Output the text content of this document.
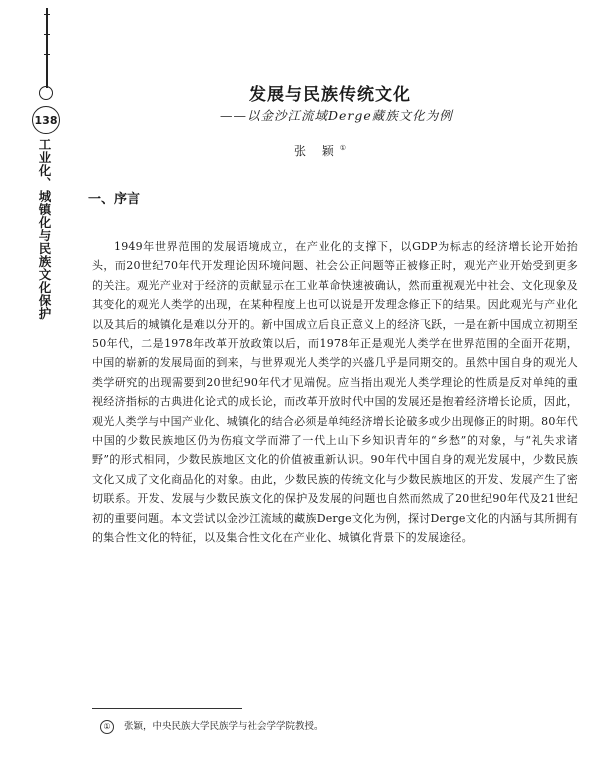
138
工业化、城镇化与民族文化保护
发展与民族传统文化
——以金沙江流域Derge藏族文化为例
张 颖①
一、序言

1949年世界范围的发展语境成立，在产业化的支撑下，以GDP为标志的经济增长论开始抬头，而20世纪70年代开发理论因环境问题、社会公正问题等正被修正时，观光产业开始受到更多的关注。观光产业对于经济的贡献显示在工业革命快速被确认，然而重视观光中社会、文化现象及其变化的观光人类学的出现，在某种程度上也可以说是开发理念修正下的结果。因此观光与产业化以及其后的城镇化是难以分开的。新中国成立后良正意义上的经济飞跃，一是在新中国成立初期至50年代，二是1978年改革开放政策以后，而1978年正是观光人类学在世界范围的全面开花期，中国的崭新的发展局面的到来，与世界观光人类学的兴盛几乎是同期交的。虽然中国自身的观光人类学研究的出现需要到20世纪90年代才见端倪。应当指出观光人类学理论的性质是反对单纯的重视经济指标的古典进化论式的成长论，而改革开放时代中国的发展还是抱着经济增长论质，因此，观光人类学与中国产业化、城镇化的结合必须是单纯经济增长论破多或少出现修正的时期。80年代中国的少数民族地区仍为伤痕文学而滞了一代上山下乡知识青年的“乡愁”的对象，与“礼失求诸野”的形式相同，少数民族地区文化的价值被重新认识。90年代中国自身的观光发展中，少数民族文化又成了文化商品化的对象。由此，少数民族的传统文化与少数民族地区的开发、发展产生了密切联系。开发、发展与少数民族文化的保护及发展的问题也自然而然成了20世纪90年代及21世纪初的重要问题。本文尝试以金沙江流域的藏族Derge文化为例，探讨Derge文化的内涵与其所拥有的集合性文化的特征，以及集合性文化在产业化、城镇化背景下的发展途径。

① 张颖，中央民族大学民族学与社会学学院教授。
